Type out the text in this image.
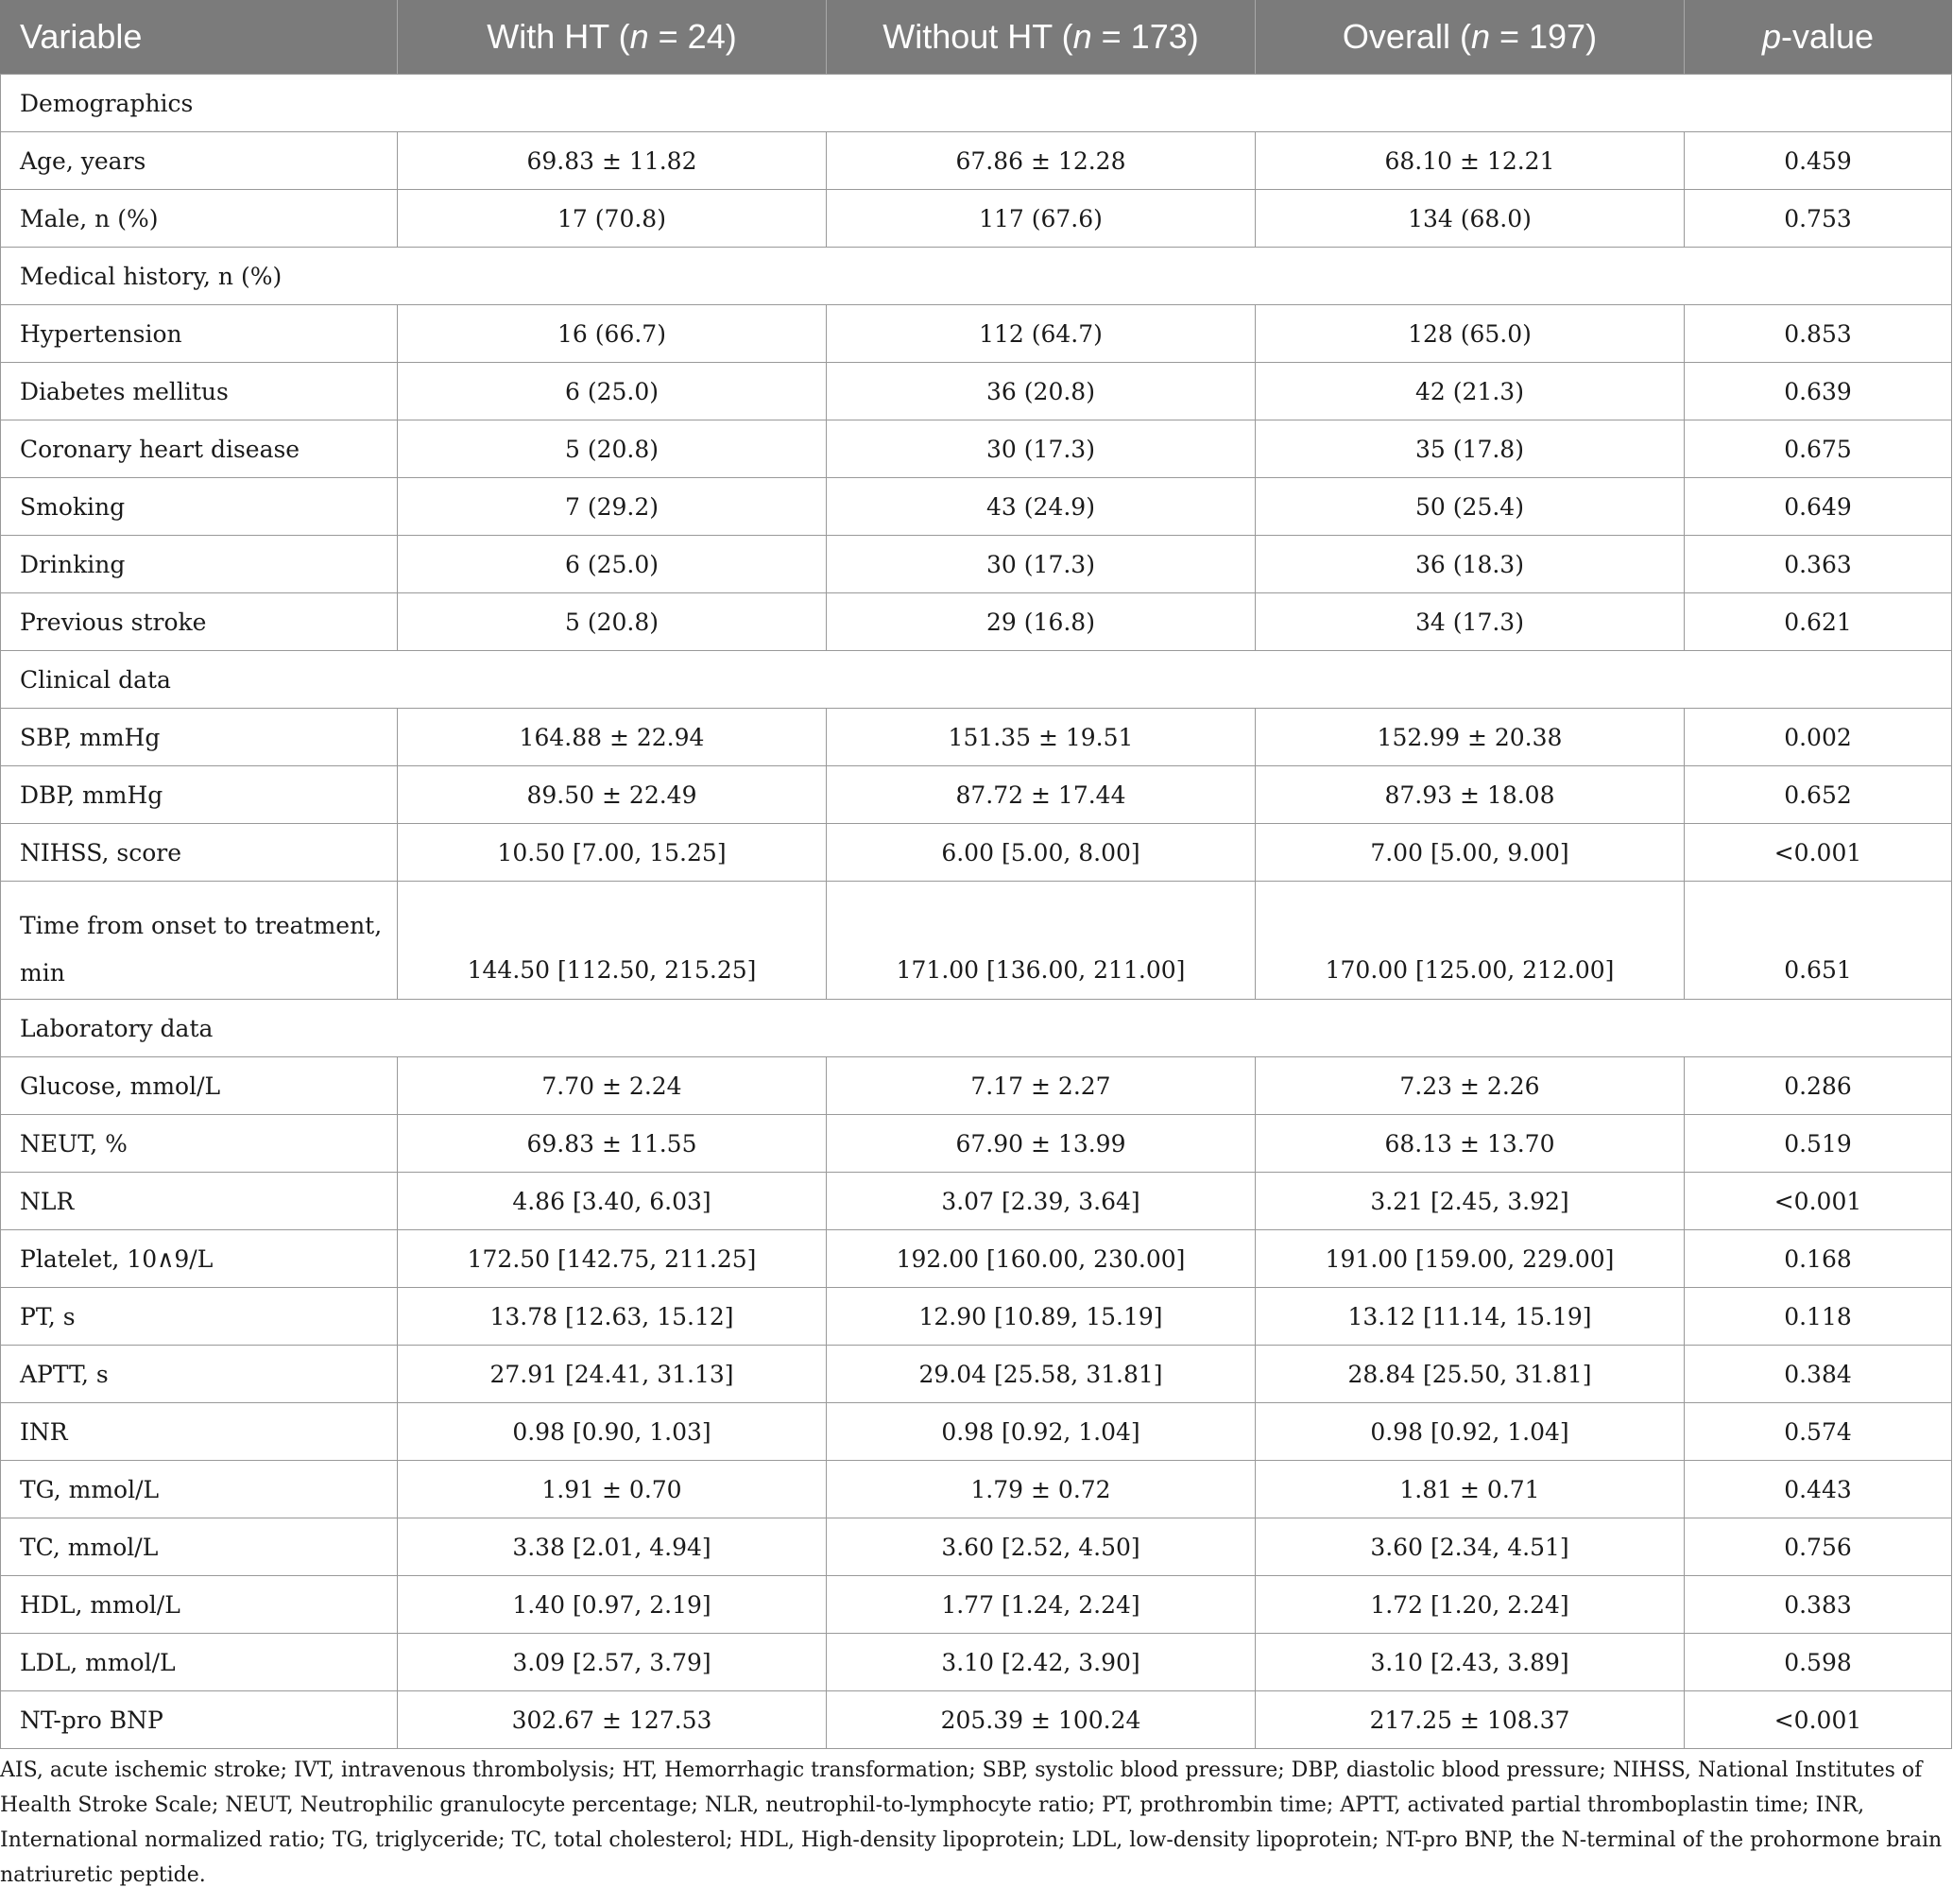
Variable	With HT (n = 24)	Without HT (n = 173)	Overall (n = 197)	p-value
Demographics				
Age, years	69.83 ± 11.82	67.86 ± 12.28	68.10 ± 12.21	0.459
Male, n (%)	17 (70.8)	117 (67.6)	134 (68.0)	0.753
Medical history, n (%)				
Hypertension	16 (66.7)	112 (64.7)	128 (65.0)	0.853
Diabetes mellitus	6 (25.0)	36 (20.8)	42 (21.3)	0.639
Coronary heart disease	5 (20.8)	30 (17.3)	35 (17.8)	0.675
Smoking	7 (29.2)	43 (24.9)	50 (25.4)	0.649
Drinking	6 (25.0)	30 (17.3)	36 (18.3)	0.363
Previous stroke	5 (20.8)	29 (16.8)	34 (17.3)	0.621
Clinical data				
SBP, mmHg	164.88 ± 22.94	151.35 ± 19.51	152.99 ± 20.38	0.002
DBP, mmHg	89.50 ± 22.49	87.72 ± 17.44	87.93 ± 18.08	0.652
NIHSS, score	10.50 [7.00, 15.25]	6.00 [5.00, 8.00]	7.00 [5.00, 9.00]	<0.001
Time from onset to treatment, min	144.50 [112.50, 215.25]	171.00 [136.00, 211.00]	170.00 [125.00, 212.00]	0.651
Laboratory data				
Glucose, mmol/L	7.70 ± 2.24	7.17 ± 2.27	7.23 ± 2.26	0.286
NEUT, %	69.83 ± 11.55	67.90 ± 13.99	68.13 ± 13.70	0.519
NLR	4.86 [3.40, 6.03]	3.07 [2.39, 3.64]	3.21 [2.45, 3.92]	<0.001
Platelet, 10∧9/L	172.50 [142.75, 211.25]	192.00 [160.00, 230.00]	191.00 [159.00, 229.00]	0.168
PT, s	13.78 [12.63, 15.12]	12.90 [10.89, 15.19]	13.12 [11.14, 15.19]	0.118
APTT, s	27.91 [24.41, 31.13]	29.04 [25.58, 31.81]	28.84 [25.50, 31.81]	0.384
INR	0.98 [0.90, 1.03]	0.98 [0.92, 1.04]	0.98 [0.92, 1.04]	0.574
TG, mmol/L	1.91 ± 0.70	1.79 ± 0.72	1.81 ± 0.71	0.443
TC, mmol/L	3.38 [2.01, 4.94]	3.60 [2.52, 4.50]	3.60 [2.34, 4.51]	0.756
HDL, mmol/L	1.40 [0.97, 2.19]	1.77 [1.24, 2.24]	1.72 [1.20, 2.24]	0.383
LDL, mmol/L	3.09 [2.57, 3.79]	3.10 [2.42, 3.90]	3.10 [2.43, 3.89]	0.598
NT-pro BNP	302.67 ± 127.53	205.39 ± 100.24	217.25 ± 108.37	<0.001

AIS, acute ischemic stroke; IVT, intravenous thrombolysis; HT, Hemorrhagic transformation; SBP, systolic blood pressure; DBP, diastolic blood pressure; NIHSS, National Institutes of Health Stroke Scale; NEUT, Neutrophilic granulocyte percentage; NLR, neutrophil-to-lymphocyte ratio; PT, prothrombin time; APTT, activated partial thromboplastin time; INR, International normalized ratio; TG, triglyceride; TC, total cholesterol; HDL, High-density lipoprotein; LDL, low-density lipoprotein; NT-pro BNP, the N-terminal of the prohormone brain natriuretic peptide.
